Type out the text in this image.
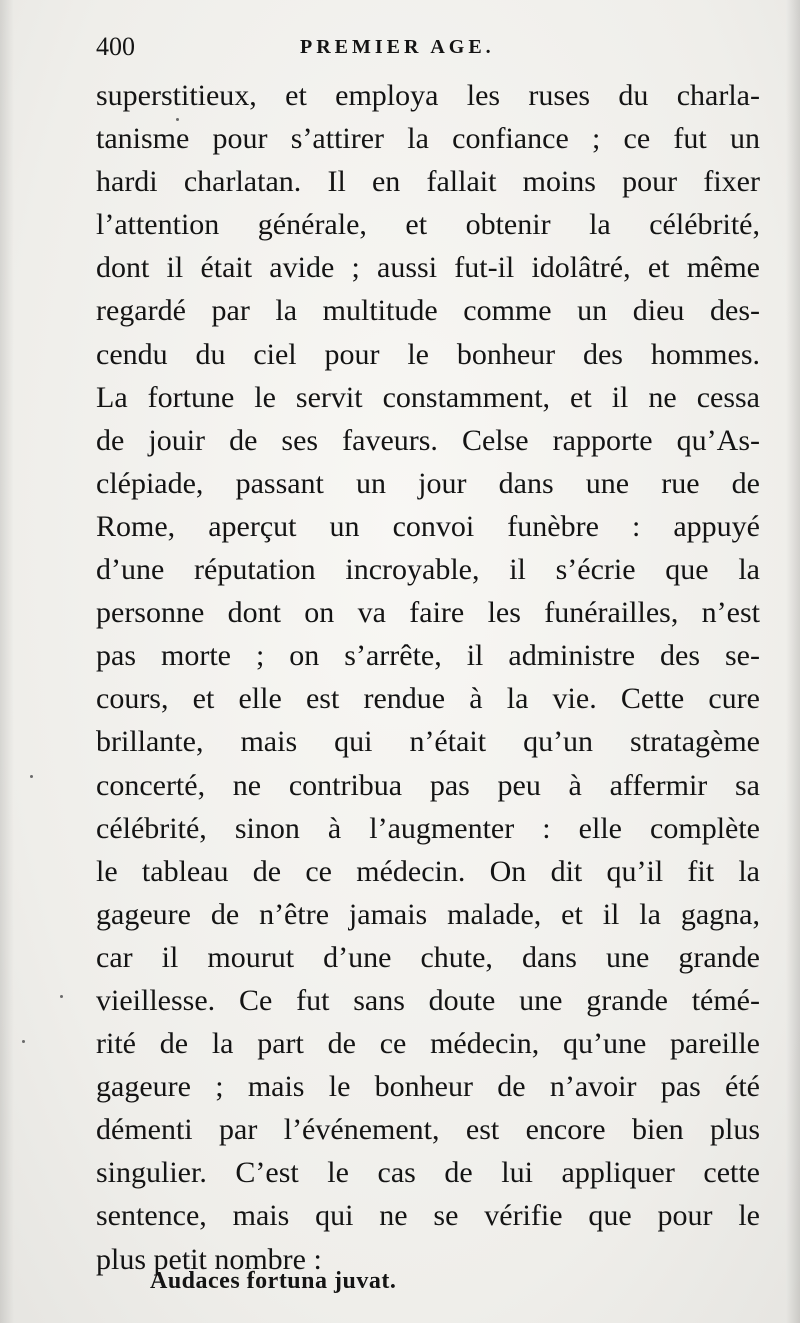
400	PREMIER AGE.
superstitieux, et employa les ruses du charla-
tanisme pour s’attirer la confiance ; ce fut un
hardi charlatan. Il en fallait moins pour fixer
l’attention générale, et obtenir la célébrité,
dont il était avide ; aussi fut-il idolâtré, et même
regardé par la multitude comme un dieu des-
cendu du ciel pour le bonheur des hommes.
La fortune le servit constamment, et il ne cessa
de jouir de ses faveurs. Celse rapporte qu’As-
clépiade, passant un jour dans une rue de
Rome, aperçut un convoi funèbre : appuyé
d’une réputation incroyable, il s’écrie que la
personne dont on va faire les funérailles, n’est
pas morte ; on s’arrête, il administre des se-
cours, et elle est rendue à la vie. Cette cure
brillante, mais qui n’était qu’un stratagème
concerté, ne contribua pas peu à affermir sa
célébrité, sinon à l’augmenter : elle complète
le tableau de ce médecin. On dit qu’il fit la
gageure de n’être jamais malade, et il la gagna,
car il mourut d’une chute, dans une grande
vieillesse. Ce fut sans doute une grande témé-
rité de la part de ce médecin, qu’une pareille
gageure ; mais le bonheur de n’avoir pas été
démenti par l’événement, est encore bien plus
singulier. C’est le cas de lui appliquer cette
sentence, mais qui ne se vérifie que pour le
plus petit nombre :
Audaces fortuna juvat.
